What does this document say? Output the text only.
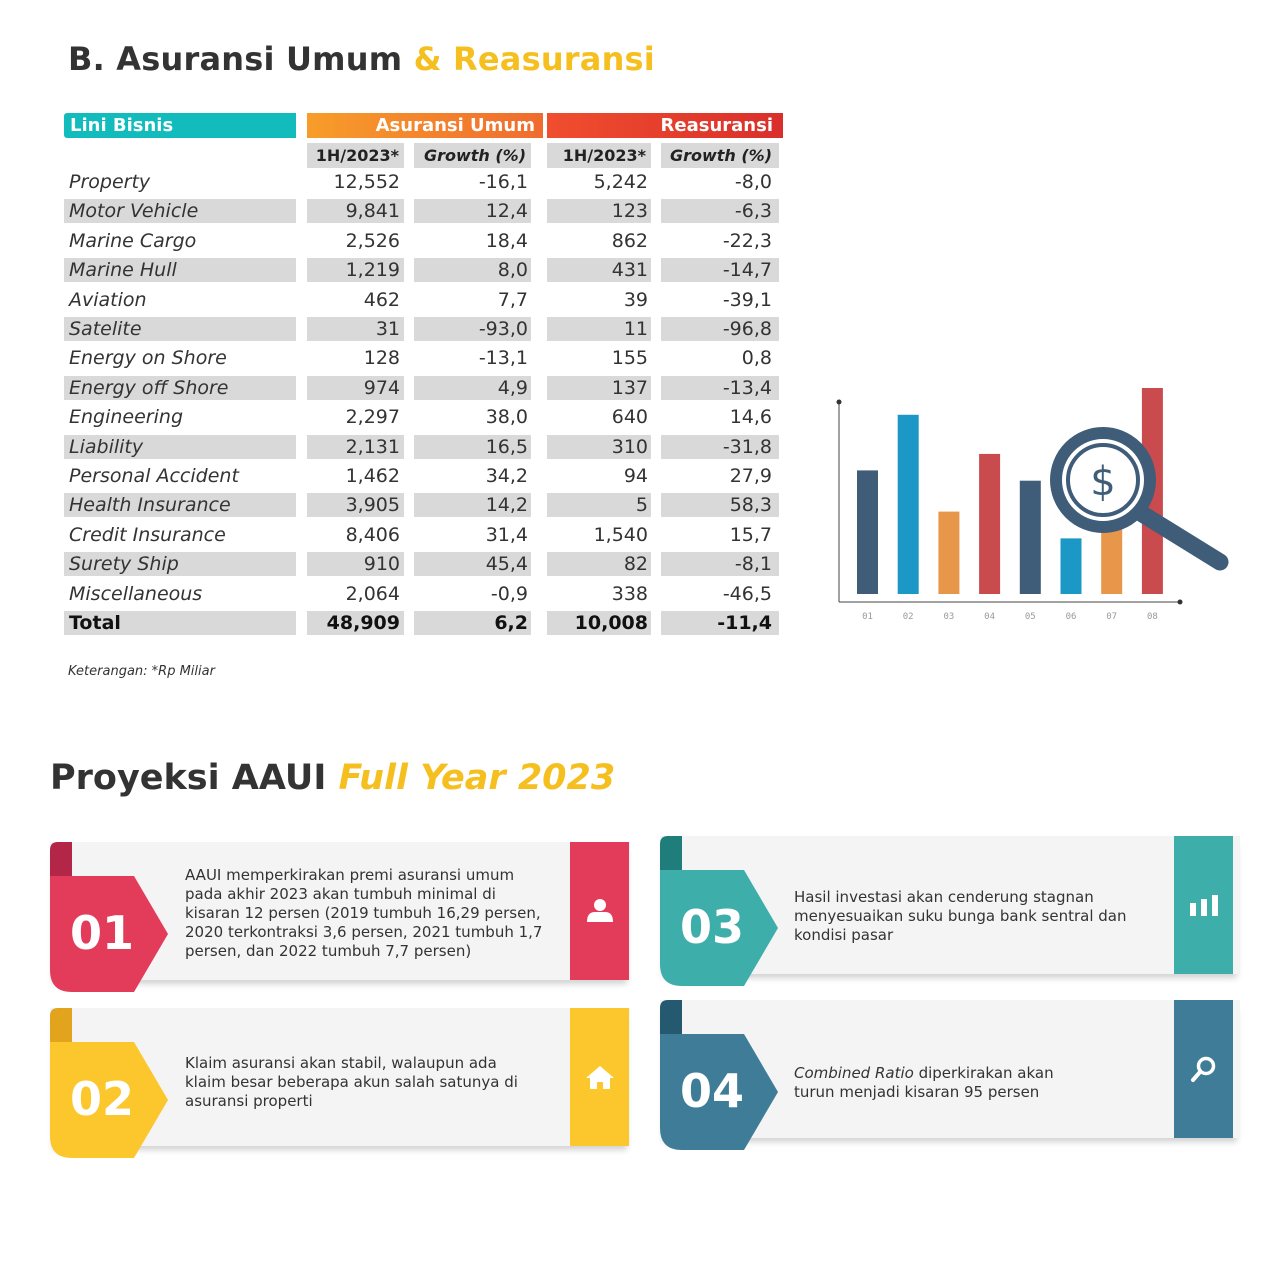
B. Asuransi Umum & Reasuransi
Lini Bisnis	Asuransi Umum	Reasuransi
1H/2023*	Growth (%)	1H/2023*	Growth (%)
Property	12,552	-16,1	5,242	-8,0
Motor Vehicle	9,841	12,4	123	-6,3
Marine Cargo	2,526	18,4	862	-22,3
Marine Hull	1,219	8,0	431	-14,7
Aviation	462	7,7	39	-39,1
Satelite	31	-93,0	11	-96,8
Energy on Shore	128	-13,1	155	0,8
Energy off Shore	974	4,9	137	-13,4
Engineering	2,297	38,0	640	14,6
Liability	2,131	16,5	310	-31,8
Personal Accident	1,462	34,2	94	27,9
Health Insurance	3,905	14,2	5	58,3
Credit Insurance	8,406	31,4	1,540	15,7
Surety Ship	910	45,4	82	-8,1
Miscellaneous	2,064	-0,9	338	-46,5
Total	48,909	6,2	10,008	-11,4
Keterangan: *Rp Miliar
01	02	03	04	05	06	07	08
$
Proyeksi AAUI Full Year 2023
01
AAUI memperkirakan premi asuransi umum
pada akhir 2023 akan tumbuh minimal di
kisaran 12 persen (2019 tumbuh 16,29 persen,
2020 terkontraksi 3,6 persen, 2021 tumbuh 1,7
persen, dan 2022 tumbuh 7,7 persen)
02
Klaim asuransi akan stabil, walaupun ada
klaim besar beberapa akun salah satunya di
asuransi properti
03
Hasil investasi akan cenderung stagnan
menyesuaikan suku bunga bank sentral dan
kondisi pasar
04	Combined Ratio diperkirakan akan
turun menjadi kisaran 95 persen
